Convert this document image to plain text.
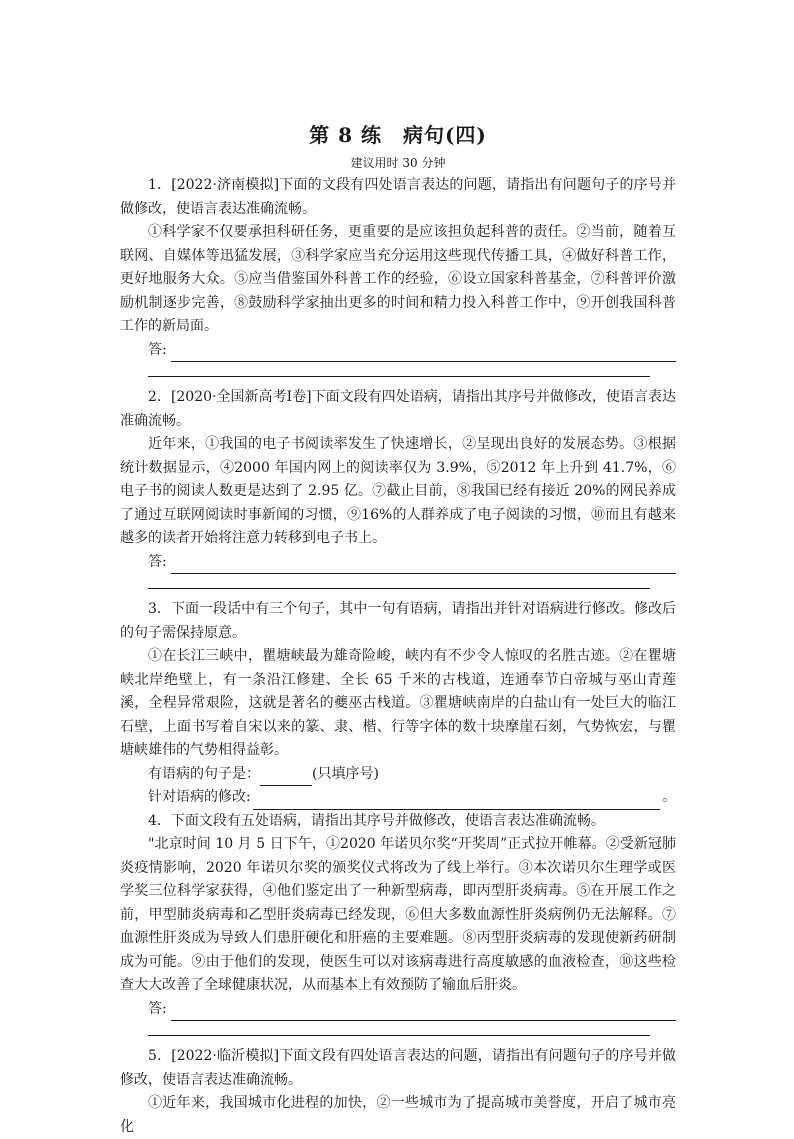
第 8 练　病句(四)
建议用时 30 分钟

1．[2022·济南模拟]下面的文段有四处语言表达的问题，请指出有问题句子的序号并做修改，使语言表达准确流畅。

①科学家不仅要承担科研任务，更重要的是应该担负起科普的责任。②当前，随着互联网、自媒体等迅猛发展，③科学家应当充分运用这些现代传播工具，④做好科普工作，更好地服务大众。⑤应当借鉴国外科普工作的经验，⑥设立国家科普基金，⑦科普评价激励机制逐步完善，⑧鼓励科学家抽出更多的时间和精力投入科普工作中，⑨开创我国科普工作的新局面。

答:

2．[2020·全国新高考Ⅰ卷]下面文段有四处语病，请指出其序号并做修改，使语言表达准确流畅。

近年来，①我国的电子书阅读率发生了快速增长，②呈现出良好的发展态势。③根据统计数据显示，④2000 年国内网上的阅读率仅为 3.9%，⑤2012 年上升到 41.7%，⑥电子书的阅读人数更是达到了 2.95 亿。⑦截止目前，⑧我国已经有接近 20%的网民养成了通过互联网阅读时事新闻的习惯，⑨16%的人群养成了电子阅读的习惯，⑩而且有越来越多的读者开始将注意力转移到电子书上。

答:

3．下面一段话中有三个句子，其中一句有语病，请指出并针对语病进行修改。修改后的句子需保持原意。

①在长江三峡中，瞿塘峡最为雄奇险峻，峡内有不少令人惊叹的名胜古迹。②在瞿塘峡北岸绝壁上，有一条沿江修建、全长 65 千米的古栈道，连通奉节白帝城与巫山青莲溪，全程异常艰险，这就是著名的夔巫古栈道。③瞿塘峡南岸的白盐山有一处巨大的临江石壁，上面书写着自宋以来的篆、隶、楷、行等字体的数十块摩崖石刻，气势恢宏，与瞿塘峡雄伟的气势相得益彰。

有语病的句子是：	(只填序号)
针对语病的修改:	。

4．下面文段有五处语病，请指出其序号并做修改，使语言表达准确流畅。

"北京时间 10 月 5 日下午，①2020 年诺贝尔奖“开奖周”正式拉开帷幕。②受新冠肺炎疫情影响，2020 年诺贝尔奖的颁奖仪式将改为了线上举行。③本次诺贝尔生理学或医学奖三位科学家获得，④他们鉴定出了一种新型病毒，即丙型肝炎病毒。⑤在开展工作之前，甲型肺炎病毒和乙型肝炎病毒已经发现，⑥但大多数血源性肝炎病例仍无法解释。⑦血源性肝炎成为导致人们患肝硬化和肝癌的主要难题。⑧丙型肝炎病毒的发现使新药研制成为可能。⑨由于他们的发现，使医生可以对该病毒进行高度敏感的血液检查，⑩这些检查大大改善了全球健康状况，从而基本上有效预防了输血后肝炎。

答:

5．[2022·临沂模拟]下面文段有四处语言表达的问题，请指出有问题句子的序号并做修改，使语言表达准确流畅。

①近年来，我国城市化进程的加快，②一些城市为了提高城市美誉度，开启了城市亮化
